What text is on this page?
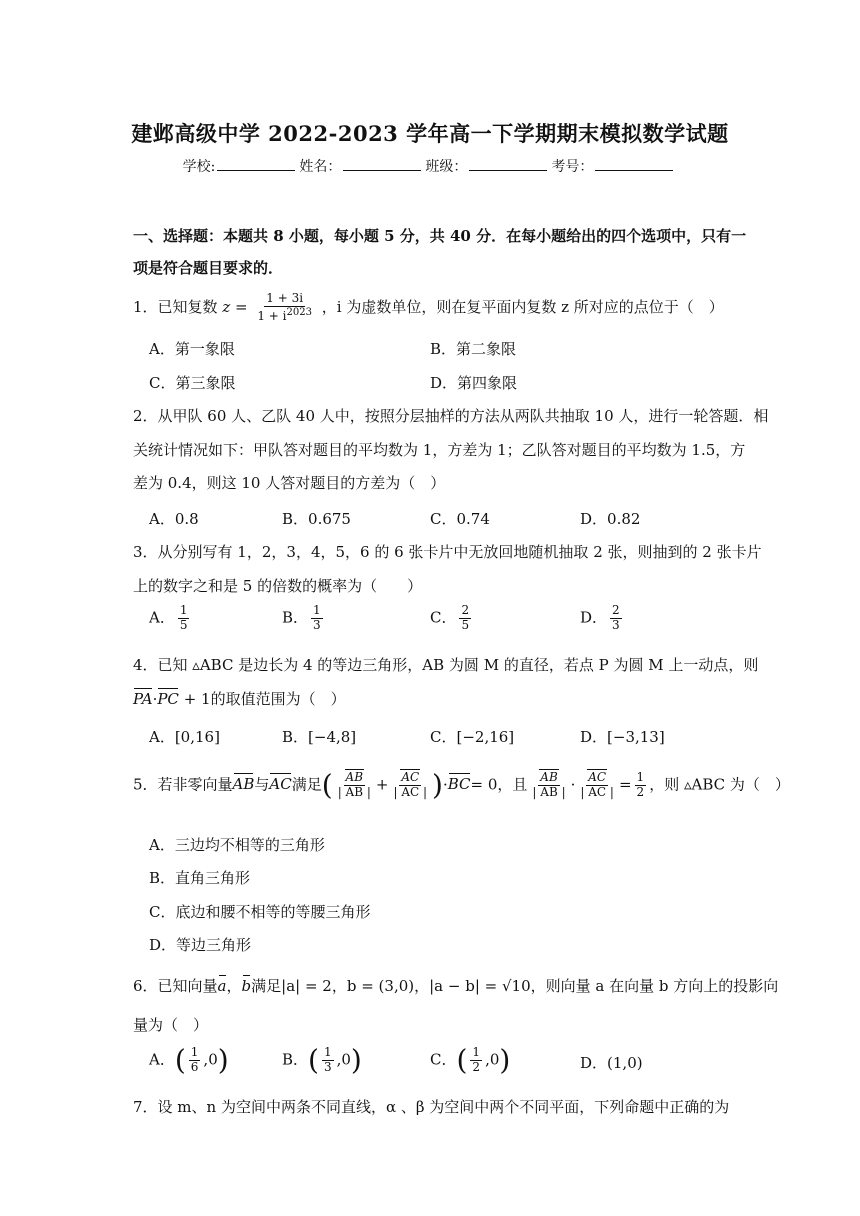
建邺高级中学 2022-2023 学年高一下学期期末模拟数学试题
学校:	姓名：	班级：	考号：
一、选择题：本题共 8 小题，每小题 5 分，共 40 分．在每小题给出的四个选项中，只有一
项是符合题目要求的．
1．已知复数 $z = \frac{1 + 3i}{1 + i^{2023}}$ ，i 为虚数单位，则在复平面内复数 z 所对应的点位于（　）
A．第一象限	B．第二象限
C．第三象限	D．第四象限
2．从甲队 60 人、乙队 40 人中，按照分层抽样的方法从两队共抽取 10 人，进行一轮答题．相
关统计情况如下：甲队答对题目的平均数为 1，方差为 1；乙队答对题目的平均数为 1.5，方
差为 0.4，则这 10 人答对题目的方差为（　）
A．0.8	B．0.675	C．0.74	D．0.82
3．从分别写有 1，2，3，4，5，6 的 6 张卡片中无放回地随机抽取 2 张，则抽到的 2 张卡片
上的数字之和是 5 的倍数的概率为（　　）
A． $\frac{1}{5}$	B． $\frac{1}{3}$	C． $\frac{2}{5}$	D． $\frac{2}{3}$
4．已知 ▵ABC 是边长为 4 的等边三角形，AB 为圆 M 的直径，若点 P 为圆 M 上一动点，则
PA·PC + 1的取值范围为（　）
A．[0,16]	B．[−4,8]	C．[−2,16]	D．[−3,13]
5．若非零向量AB与AC满足( $\frac{AB}{| AB |} + \frac{AC}{| AC |} )\cdot BC= 0$，且 $\frac{AB}{| AB |} \cdot \frac{AC}{| AC |} = \frac{1}{2}$ ，则 ▵ABC 为（　）
A．三边均不相等的三角形
B．直角三角形
C．底边和腰不相等的等腰三角形
D．等边三角形
6．已知向量a，b满足|a| = 2，b = (3,0)，|a − b| = √10，则向量 a 在向量 b 方向上的投影向
量为（　）
A．( $\frac{1}{6} ,0$)	B．( $\frac{1}{3} ,0$)	C．( $\frac{1}{2} ,0$)	D．(1,0)
7．设 m、n 为空间中两条不同直线，α 、β 为空间中两个不同平面，下列命题中正确的为
